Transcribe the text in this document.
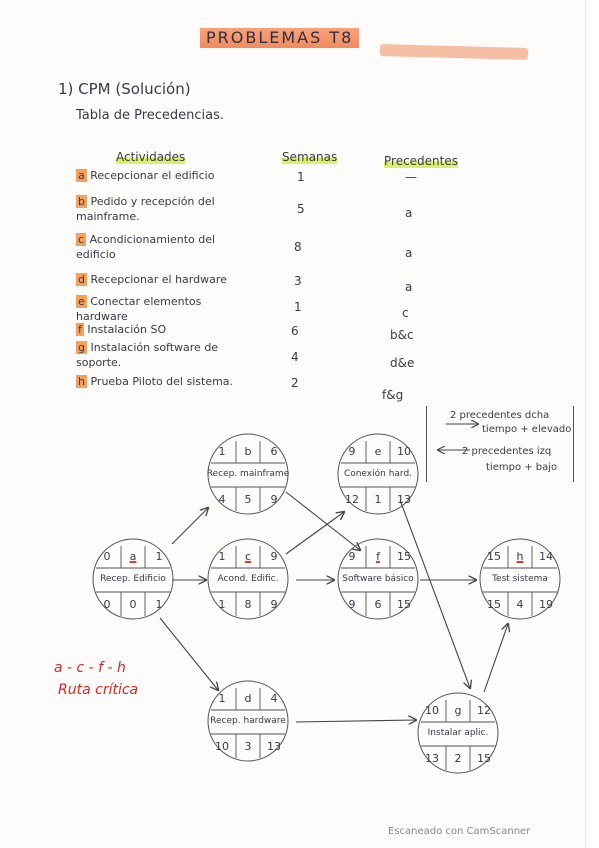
PROBLEMAS T8
1) CPM (Solución)
Tabla de Precedencias.
Actividades	Semanas	Precedentes
a Recepcionar el edificio	1	—
b Pedido y recepción del mainframe.
5	a
c Acondicionamiento del edificio
8	a
d Recepcionar el hardware	3	a
e Conectar elementos hardware
1	c
f Instalación SO	6	b&c
g Instalación software de soporte.	4	d&e
h Prueba Piloto del sistema.	2
f&g
2 precedentes dcha
tiempo + elevado
2 precedentes izq
tiempo + bajo
0	a	1
Recep. Edificio
0	0	1
1	b	6
Recep. mainframe
4	5	9
1	c	9
Acond. Edific.
1	8	9
1	d	4
Recep. hardware
10	3	13
9	e	10
Conexión hard.
12	1	13
9	f	15
Software básico
9	6	15
10	g	12
Instalar aplic.
13	2	15
15	h	14
Test sistema
15	4	19
a - c - f - h
Ruta crítica
Escaneado con CamScanner
